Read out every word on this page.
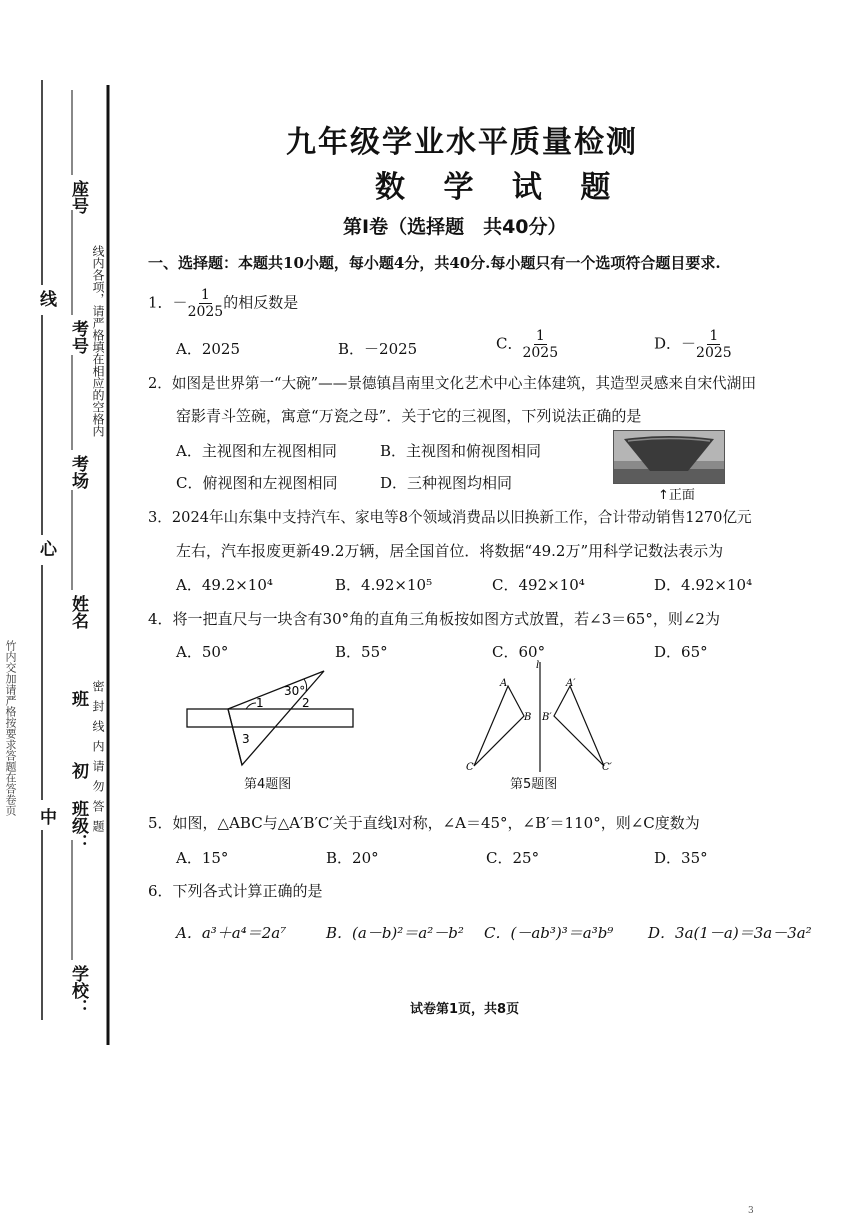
竹内交加请严格按要求答题在答卷页
线
心
中
座号
考号
考场
姓名
班级：
初
班
学校：
线内各项，请严格填在相应的空格内
密封线内请勿答题
九年级学业水平质量检测
数 学 试 题
第I卷（选择题　共40分）
一、选择题：本题共10小题，每小题4分，共40分.每小题只有一个选项符合题目要求.
1．－ $\frac{1}{2025}$ 的相反数是
A．2025	B．－2025	C． $\frac{1}{2025}$	D．－ $\frac{1}{2025}$
2．如图是世界第一“大碗”——景德镇昌南里文化艺术中心主体建筑，其造型灵感来自宋代湖田
窑影青斗笠碗，寓意“万瓷之母”．关于它的三视图，下列说法正确的是
A．主视图和左视图相同	B．主视图和俯视图相同
C．俯视图和左视图相同	D．三种视图均相同
↑正面
3．2024年山东集中支持汽车、家电等8个领域消费品以旧换新工作，合计带动销售1270亿元
左右，汽车报废更新49.2万辆，居全国首位．将数据“49.2万”用科学记数法表示为
A．49.2×10⁴	B．4.92×10⁵	C．492×10⁴	D．4.92×10⁴
4．将一把直尺与一块含有30°角的直角三角板按如图方式放置，若∠3＝65°，则∠2为
A．50°	B．55°	C．60°	D．65°
30°
1	2
3
第4题图
A
B
C
A′
B′
C′
l
第5题图
5．如图，△ABC与△A′B′C′关于直线l对称，∠A＝45°，∠B′＝110°，则∠C度数为
A．15°	B．20°	C．25°	D．35°
6．下列各式计算正确的是
A．a³＋a⁴＝2a⁷	B．(a－b)²＝a²－b² C．(－ab³)³＝a³b⁹ D．3a(1－a)＝3a－3a²
试卷第1页，共8页
3
